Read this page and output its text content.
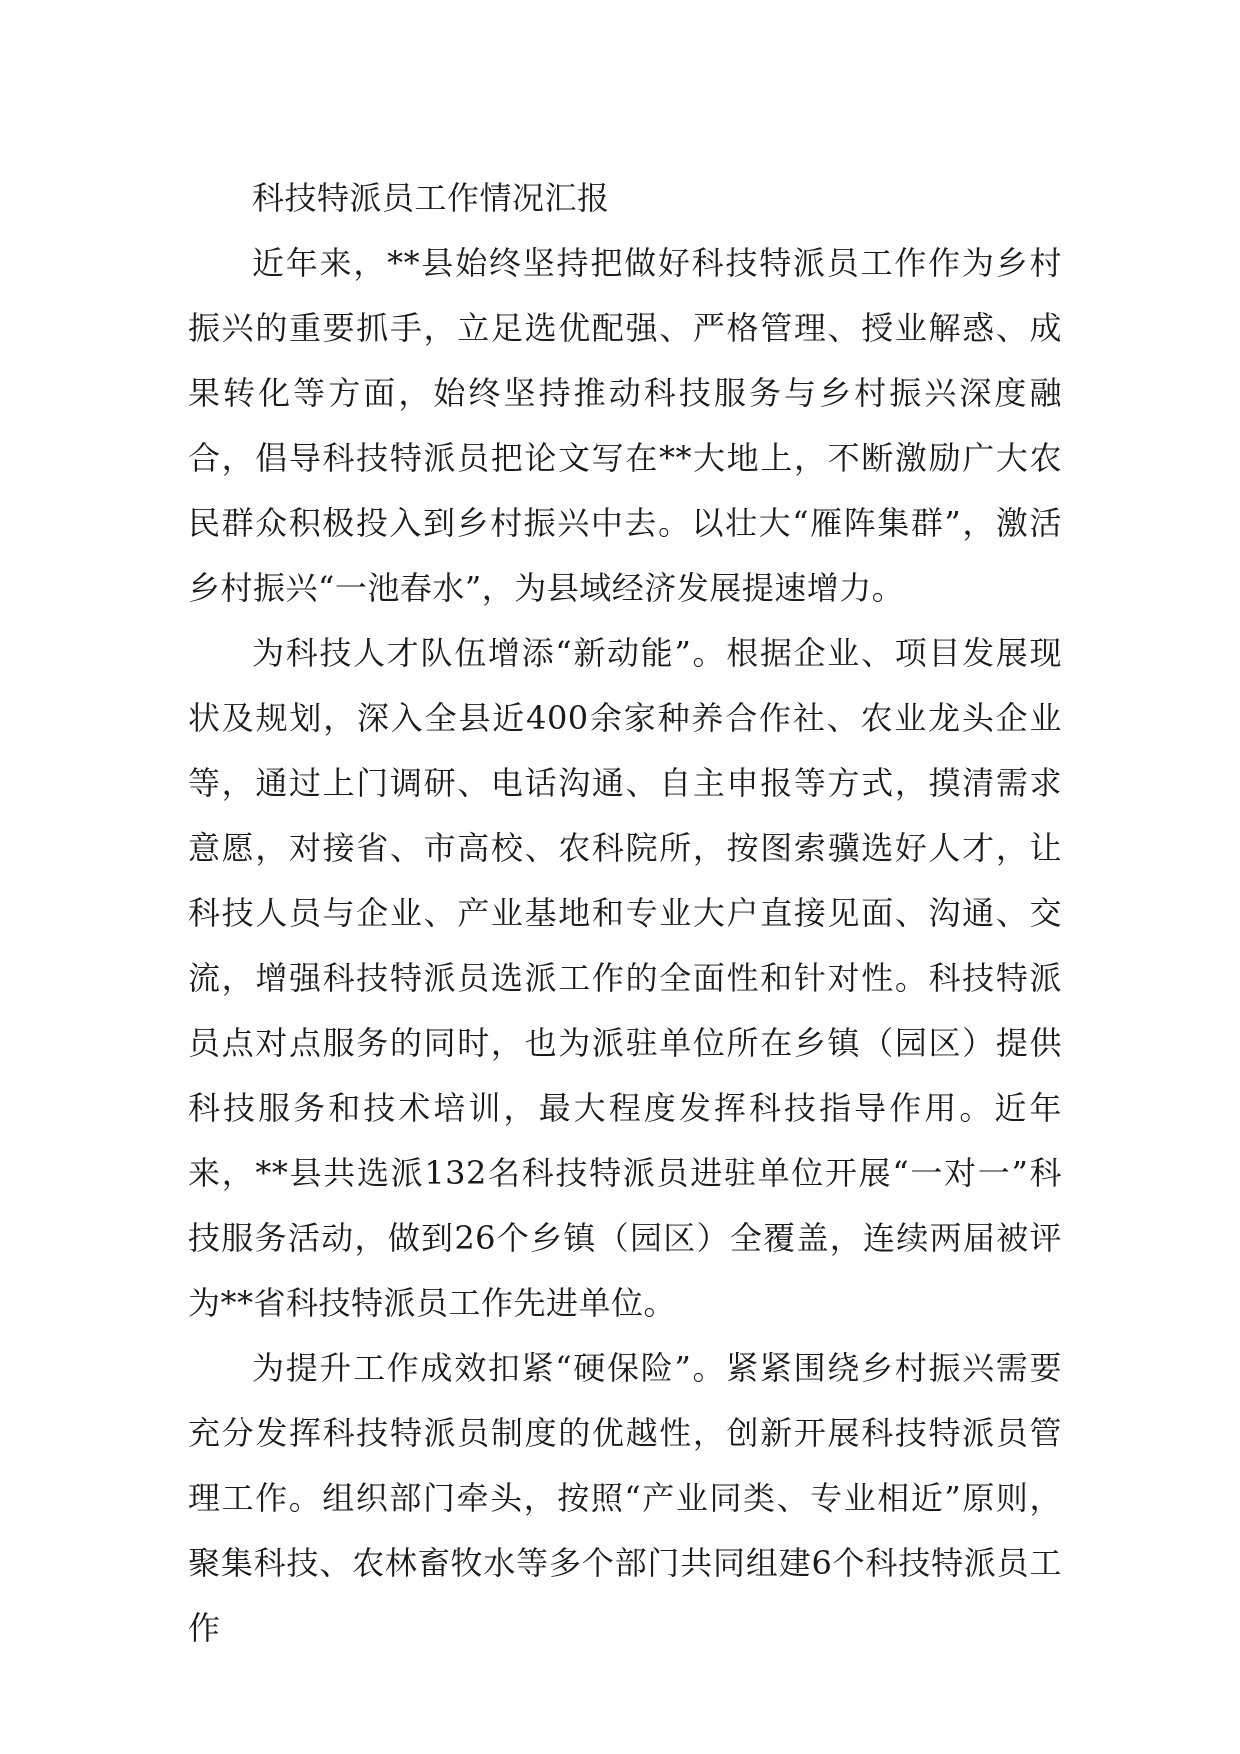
科技特派员工作情况汇报

近年来，**县始终坚持把做好科技特派员工作作为乡村振兴的重要抓手，立足选优配强、严格管理、授业解惑、成果转化等方面，始终坚持推动科技服务与乡村振兴深度融合，倡导科技特派员把论文写在**大地上，不断激励广大农民群众积极投入到乡村振兴中去。以壮大“雁阵集群”，激活乡村振兴“一池春水”，为县域经济发展提速增力。

为科技人才队伍增添“新动能”。根据企业、项目发展现状及规划，深入全县近400余家种养合作社、农业龙头企业等，通过上门调研、电话沟通、自主申报等方式，摸清需求意愿，对接省、市高校、农科院所，按图索骥选好人才，让科技人员与企业、产业基地和专业大户直接见面、沟通、交流，增强科技特派员选派工作的全面性和针对性。科技特派员点对点服务的同时，也为派驻单位所在乡镇（园区）提供科技服务和技术培训，最大程度发挥科技指导作用。近年来，**县共选派132名科技特派员进驻单位开展“一对一”科技服务活动，做到26个乡镇（园区）全覆盖，连续两届被评为**省科技特派员工作先进单位。

为提升工作成效扣紧“硬保险”。紧紧围绕乡村振兴需要充分发挥科技特派员制度的优越性，创新开展科技特派员管理工作。组织部门牵头，按照“产业同类、专业相近”原则，聚集科技、农林畜牧水等多个部门共同组建6个科技特派员工作
